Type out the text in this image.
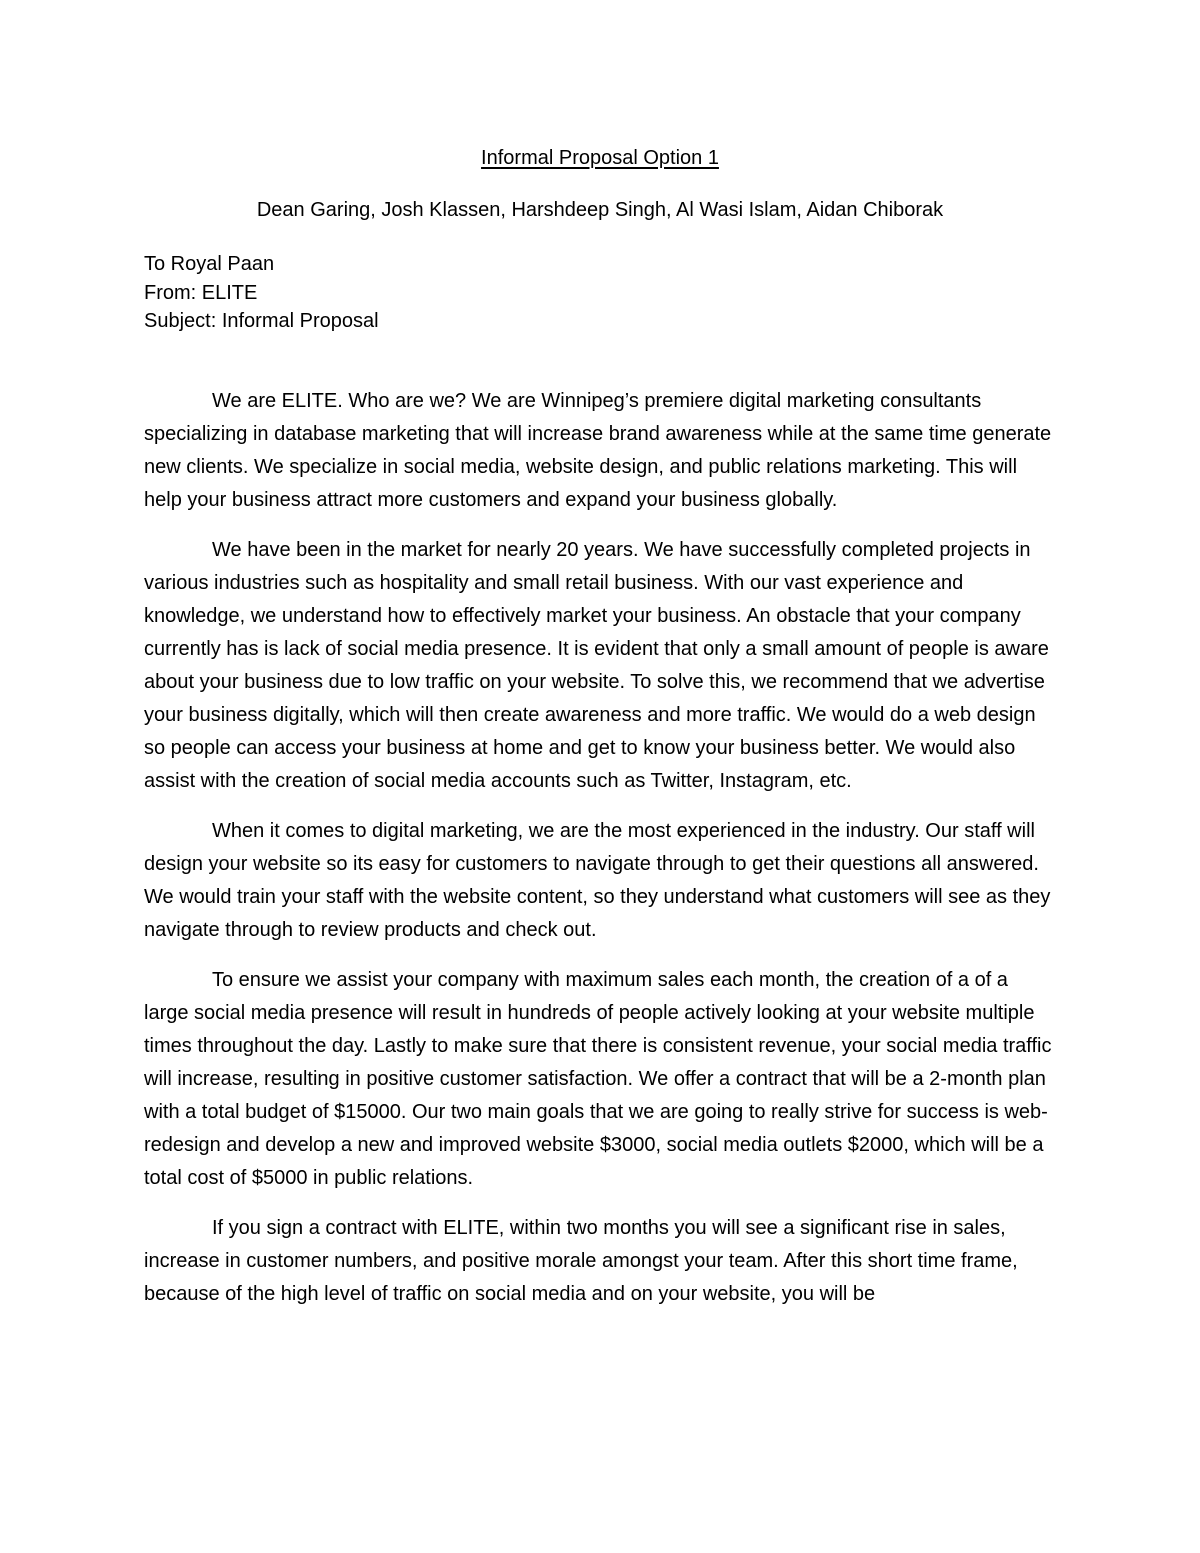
Informal Proposal Option 1
Dean Garing, Josh Klassen, Harshdeep Singh, Al Wasi Islam, Aidan Chiborak
To Royal Paan
From: ELITE
Subject: Informal Proposal

We are ELITE. Who are we? We are Winnipeg’s premiere digital marketing consultants specializing in database marketing that will increase brand awareness while at the same time generate new clients. We specialize in social media, website design, and public relations marketing. This will help your business attract more customers and expand your business globally.

We have been in the market for nearly 20 years. We have successfully completed projects in various industries such as hospitality and small retail business. With our vast experience and knowledge, we understand how to effectively market your business. An obstacle that your company currently has is lack of social media presence. It is evident that only a small amount of people is aware about your business due to low traffic on your website. To solve this, we recommend that we advertise your business digitally, which will then create awareness and more traffic. We would do a web design so people can access your business at home and get to know your business better. We would also assist with the creation of social media accounts such as Twitter, Instagram, etc.

When it comes to digital marketing, we are the most experienced in the industry. Our staff will design your website so its easy for customers to navigate through to get their questions all answered. We would train your staff with the website content, so they understand what customers will see as they navigate through to review products and check out.

To ensure we assist your company with maximum sales each month, the creation of a of a large social media presence will result in hundreds of people actively looking at your website multiple times throughout the day. Lastly to make sure that there is consistent revenue, your social media traffic will increase, resulting in positive customer satisfaction. We offer a contract that will be a 2-month plan with a total budget of $15000. Our two main goals that we are going to really strive for success is web-redesign and develop a new and improved website $3000, social media outlets $2000, which will be a total cost of $5000 in public relations.

If you sign a contract with ELITE, within two months you will see a significant rise in sales, increase in customer numbers, and positive morale amongst your team. After this short time frame, because of the high level of traffic on social media and on your website, you will be
